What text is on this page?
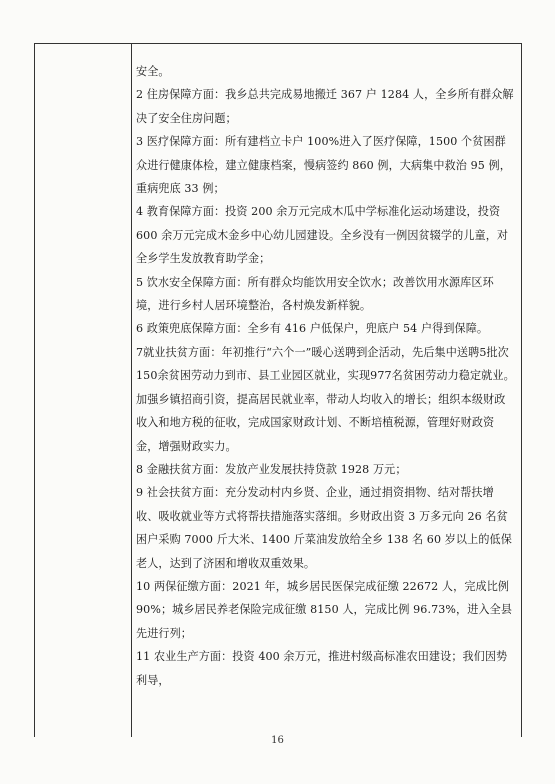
安全。

2 住房保障方面：我乡总共完成易地搬迁 367 户 1284 人，全乡所有群众解决了安全住房问题；

3 医疗保障方面：所有建档立卡户 100%进入了医疗保障，1500 个贫困群众进行健康体检，建立健康档案，慢病签约 860 例，大病集中救治 95 例，重病兜底 33 例；

4 教育保障方面：投资 200 余万元完成木瓜中学标准化运动场建设，投资 600 余万元完成木金乡中心幼儿园建设。全乡没有一例因贫辍学的儿童，对全乡学生发放教育助学金；

5 饮水安全保障方面：所有群众均能饮用安全饮水；改善饮用水源库区环境，进行乡村人居环境整治，各村焕发新样貌。

6 政策兜底保障方面：全乡有 416 户低保户，兜底户 54 户得到保障。

7就业扶贫方面：年初推行“六个一”暖心送聘到企活动，先后集中送聘5批次150余贫困劳动力到市、县工业园区就业，实现977名贫困劳动力稳定就业。加强乡镇招商引资，提高居民就业率，带动人均收入的增长；组织本级财政收入和地方税的征收，完成国家财政计划、不断培植税源，管理好财政资金，增强财政实力。

8 金融扶贫方面：发放产业发展扶持贷款 1928 万元；

9 社会扶贫方面：充分发动村内乡贤、企业，通过捐资捐物、结对帮扶增收、吸收就业等方式将帮扶措施落实落细。乡财政出资 3 万多元向 26 名贫困户采购 7000 斤大米、1400 斤菜油发放给全乡 138 名 60 岁以上的低保老人，达到了济困和增收双重效果。

10 两保征缴方面：2021 年，城乡居民医保完成征缴 22672 人，完成比例 90%；城乡居民养老保险完成征缴 8150 人，完成比例 96.73%，进入全县先进行列；

11 农业生产方面：投资 400 余万元，推进村级高标准农田建设；我们因势利导，

16
